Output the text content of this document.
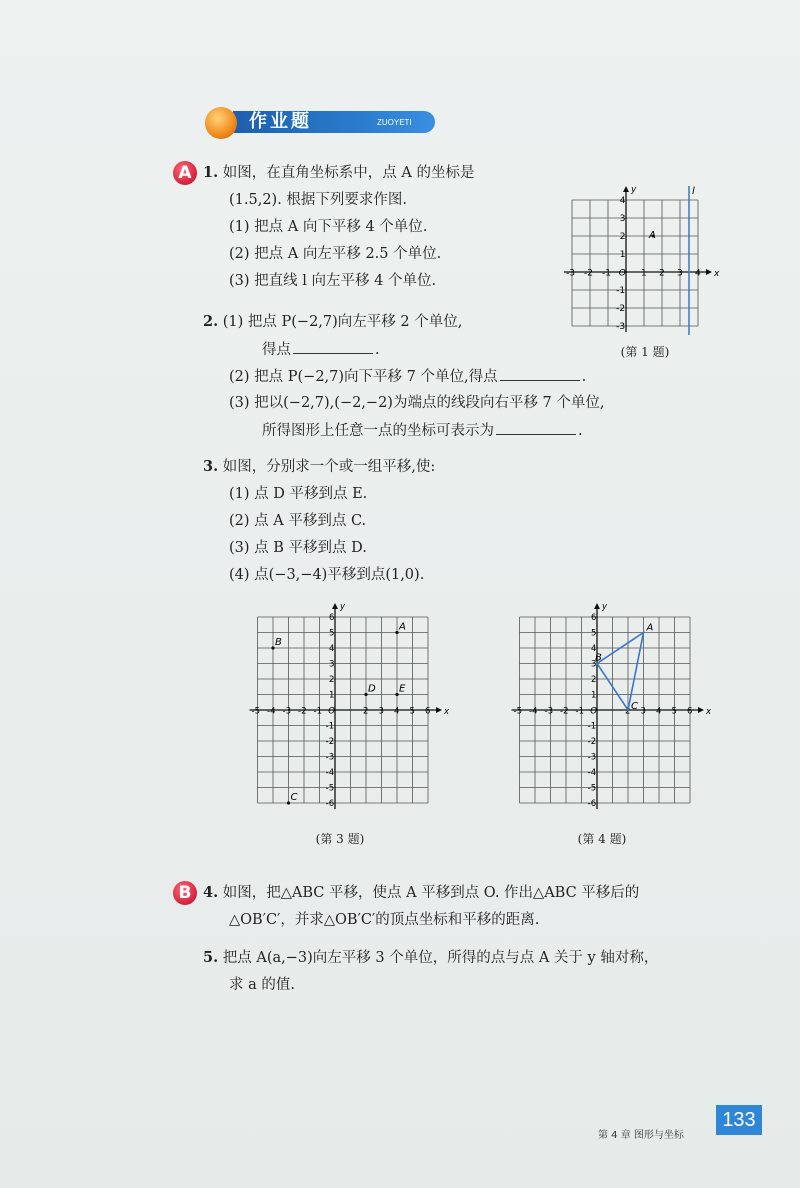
作业题	ZUOYETI
A 1. 如图，在直角坐标系中，点 A 的坐标是
(1.5,2). 根据下列要求作图.
(1) 把点 A 向下平移 4 个单位.
(2) 把点 A 向左平移 2.5 个单位.
(3) 把直线 l 向左平移 4 个单位.	x
y
O
-3 -2 -1	1 2 3 4
4
3
2
1
-1
-2
-3
l
A
(第 1 题)
2. (1) 把点 P(−2,7)向左平移 2 个单位,
得点	.
(2) 把点 P(−2,7)向下平移 7 个单位,得点	.
(3) 把以(−2,7),(−2,−2)为端点的线段向右平移 7 个单位,
所得图形上任意一点的坐标可表示为	.
3. 如图，分别求一个或一组平移,使:
(1) 点 D 平移到点 E.
(2) 点 A 平移到点 C.
(3) 点 B 平移到点 D.
(4) 点(−3,−4)平移到点(1,0).
x
y
O
-5 -4 -3 -2 -1	2 3 4 5 6
6
5
4
3
2
1
-1
-2
-3
-4
-5
-6
A
B
C
D E
(第 3 题)
x
y
O
-5 -4 -3 -2 -1	2 3 4 5 6
6
5
4
3
2
1
-1
-2
-3
-4
-5
-6
A
B
C
(第 4 题)
B 4. 如图，把△ABC 平移，使点 A 平移到点 O. 作出△ABC 平移后的
△OB′C′，并求△OB′C′的顶点坐标和平移的距离.
5. 把点 A(a,−3)向左平移 3 个单位，所得的点与点 A 关于 y 轴对称，
求 a 的值.
第 4 章 图形与坐标
133
